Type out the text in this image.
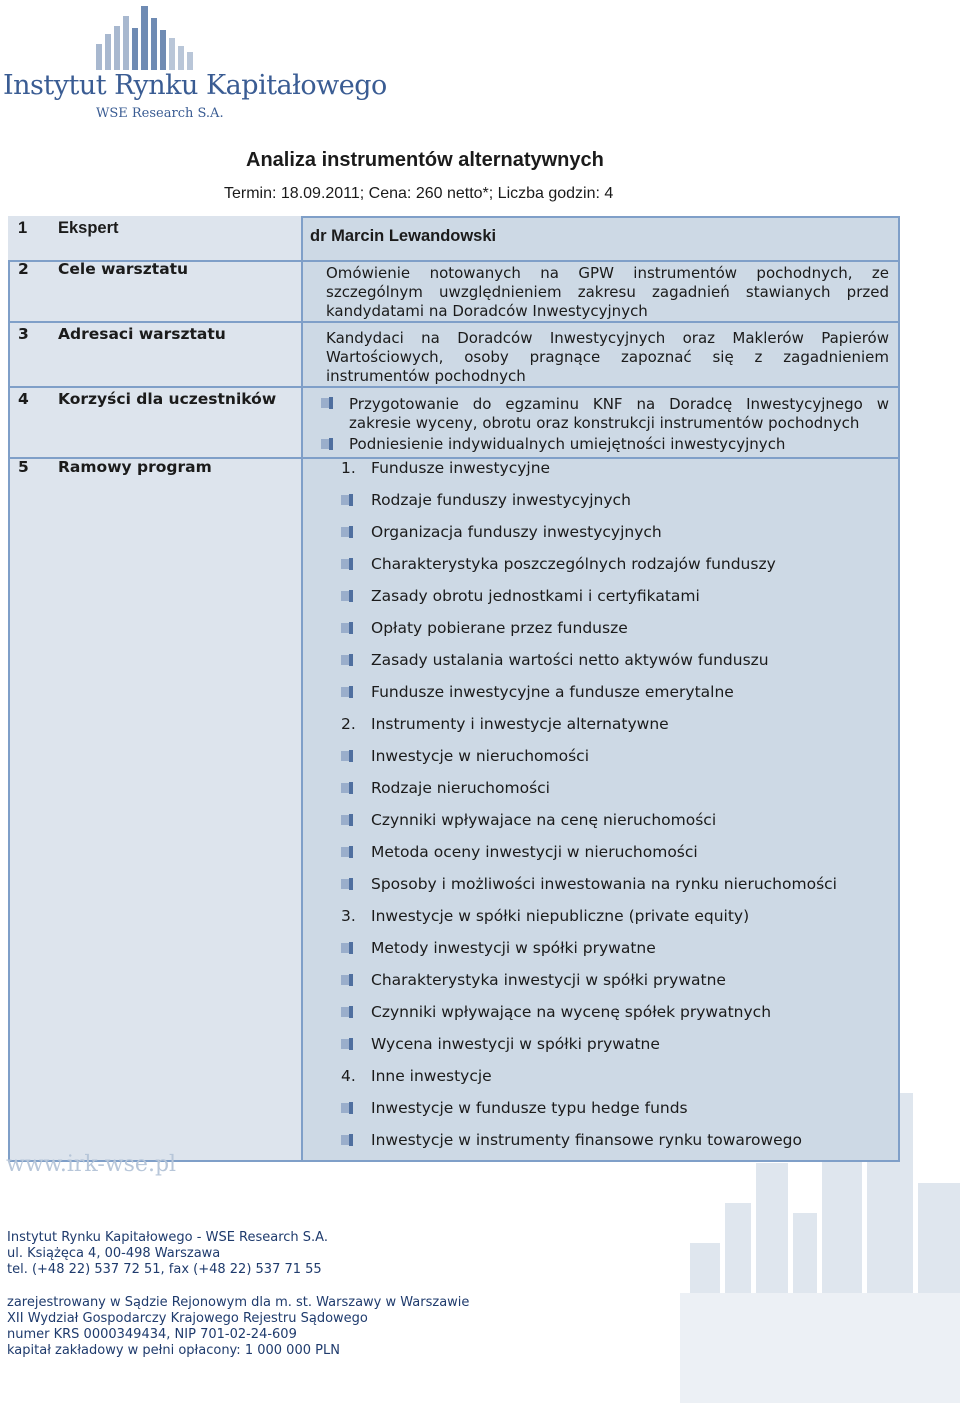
Instytut Rynku Kapitałowego
WSE Research S.A.
Analiza instrumentów alternatywnych
Termin: 18.09.2011; Cena: 260 netto*; Liczba godzin: 4
1 Ekspert
2 Cele warsztatu
3 Adresaci warsztatu
4 Korzyści dla uczestników
5 Ramowy program
dr Marcin Lewandowski
Omówienie notowanych na GPW instrumentów pochodnych, ze szczególnym uwzględnieniem zakresu zagadnień stawianych przed kandydatami na Doradców Inwestycyjnych
Kandydaci na Doradców Inwestycyjnych oraz Maklerów Papierów Wartościowych, osoby pragnące zapoznać się z zagadnieniem instrumentów pochodnych
Przygotowanie do egzaminu KNF na Doradcę Inwestycyjnego w zakresie wyceny, obrotu oraz konstrukcji instrumentów pochodnych
Podniesienie indywidualnych umiejętności inwestycyjnych
1. Fundusze inwestycyjne
Rodzaje funduszy inwestycyjnych
Organizacja funduszy inwestycyjnych
Charakterystyka poszczególnych rodzajów funduszy
Zasady obrotu jednostkami i certyfikatami
Opłaty pobierane przez fundusze
Zasady ustalania wartości netto aktywów funduszu
Fundusze inwestycyjne a fundusze emerytalne
2. Instrumenty i inwestycje alternatywne
Inwestycje w nieruchomości
Rodzaje nieruchomości
Czynniki wpływajace na cenę nieruchomości
Metoda oceny inwestycji w nieruchomości
Sposoby i możliwości inwestowania na rynku nieruchomości
3. Inwestycje w spółki niepubliczne (private equity)
Metody inwestycji w spółki prywatne
Charakterystyka inwestycji w spółki prywatne
Czynniki wpływające na wycenę spółek prywatnych
Wycena inwestycji w spółki prywatne
4. Inne inwestycje
Inwestycje w fundusze typu hedge funds
Inwestycje w instrumenty finansowe rynku towarowego
www.irk-wse.pl
Instytut Rynku Kapitałowego - WSE Research S.A.
ul. Książęca 4, 00-498 Warszawa
tel. (+48 22) 537 72 51, fax (+48 22) 537 71 55
zarejestrowany w Sądzie Rejonowym dla m. st. Warszawy w Warszawie
XII Wydział Gospodarczy Krajowego Rejestru Sądowego
numer KRS 0000349434, NIP 701-02-24-609
kapitał zakładowy w pełni opłacony: 1 000 000 PLN
